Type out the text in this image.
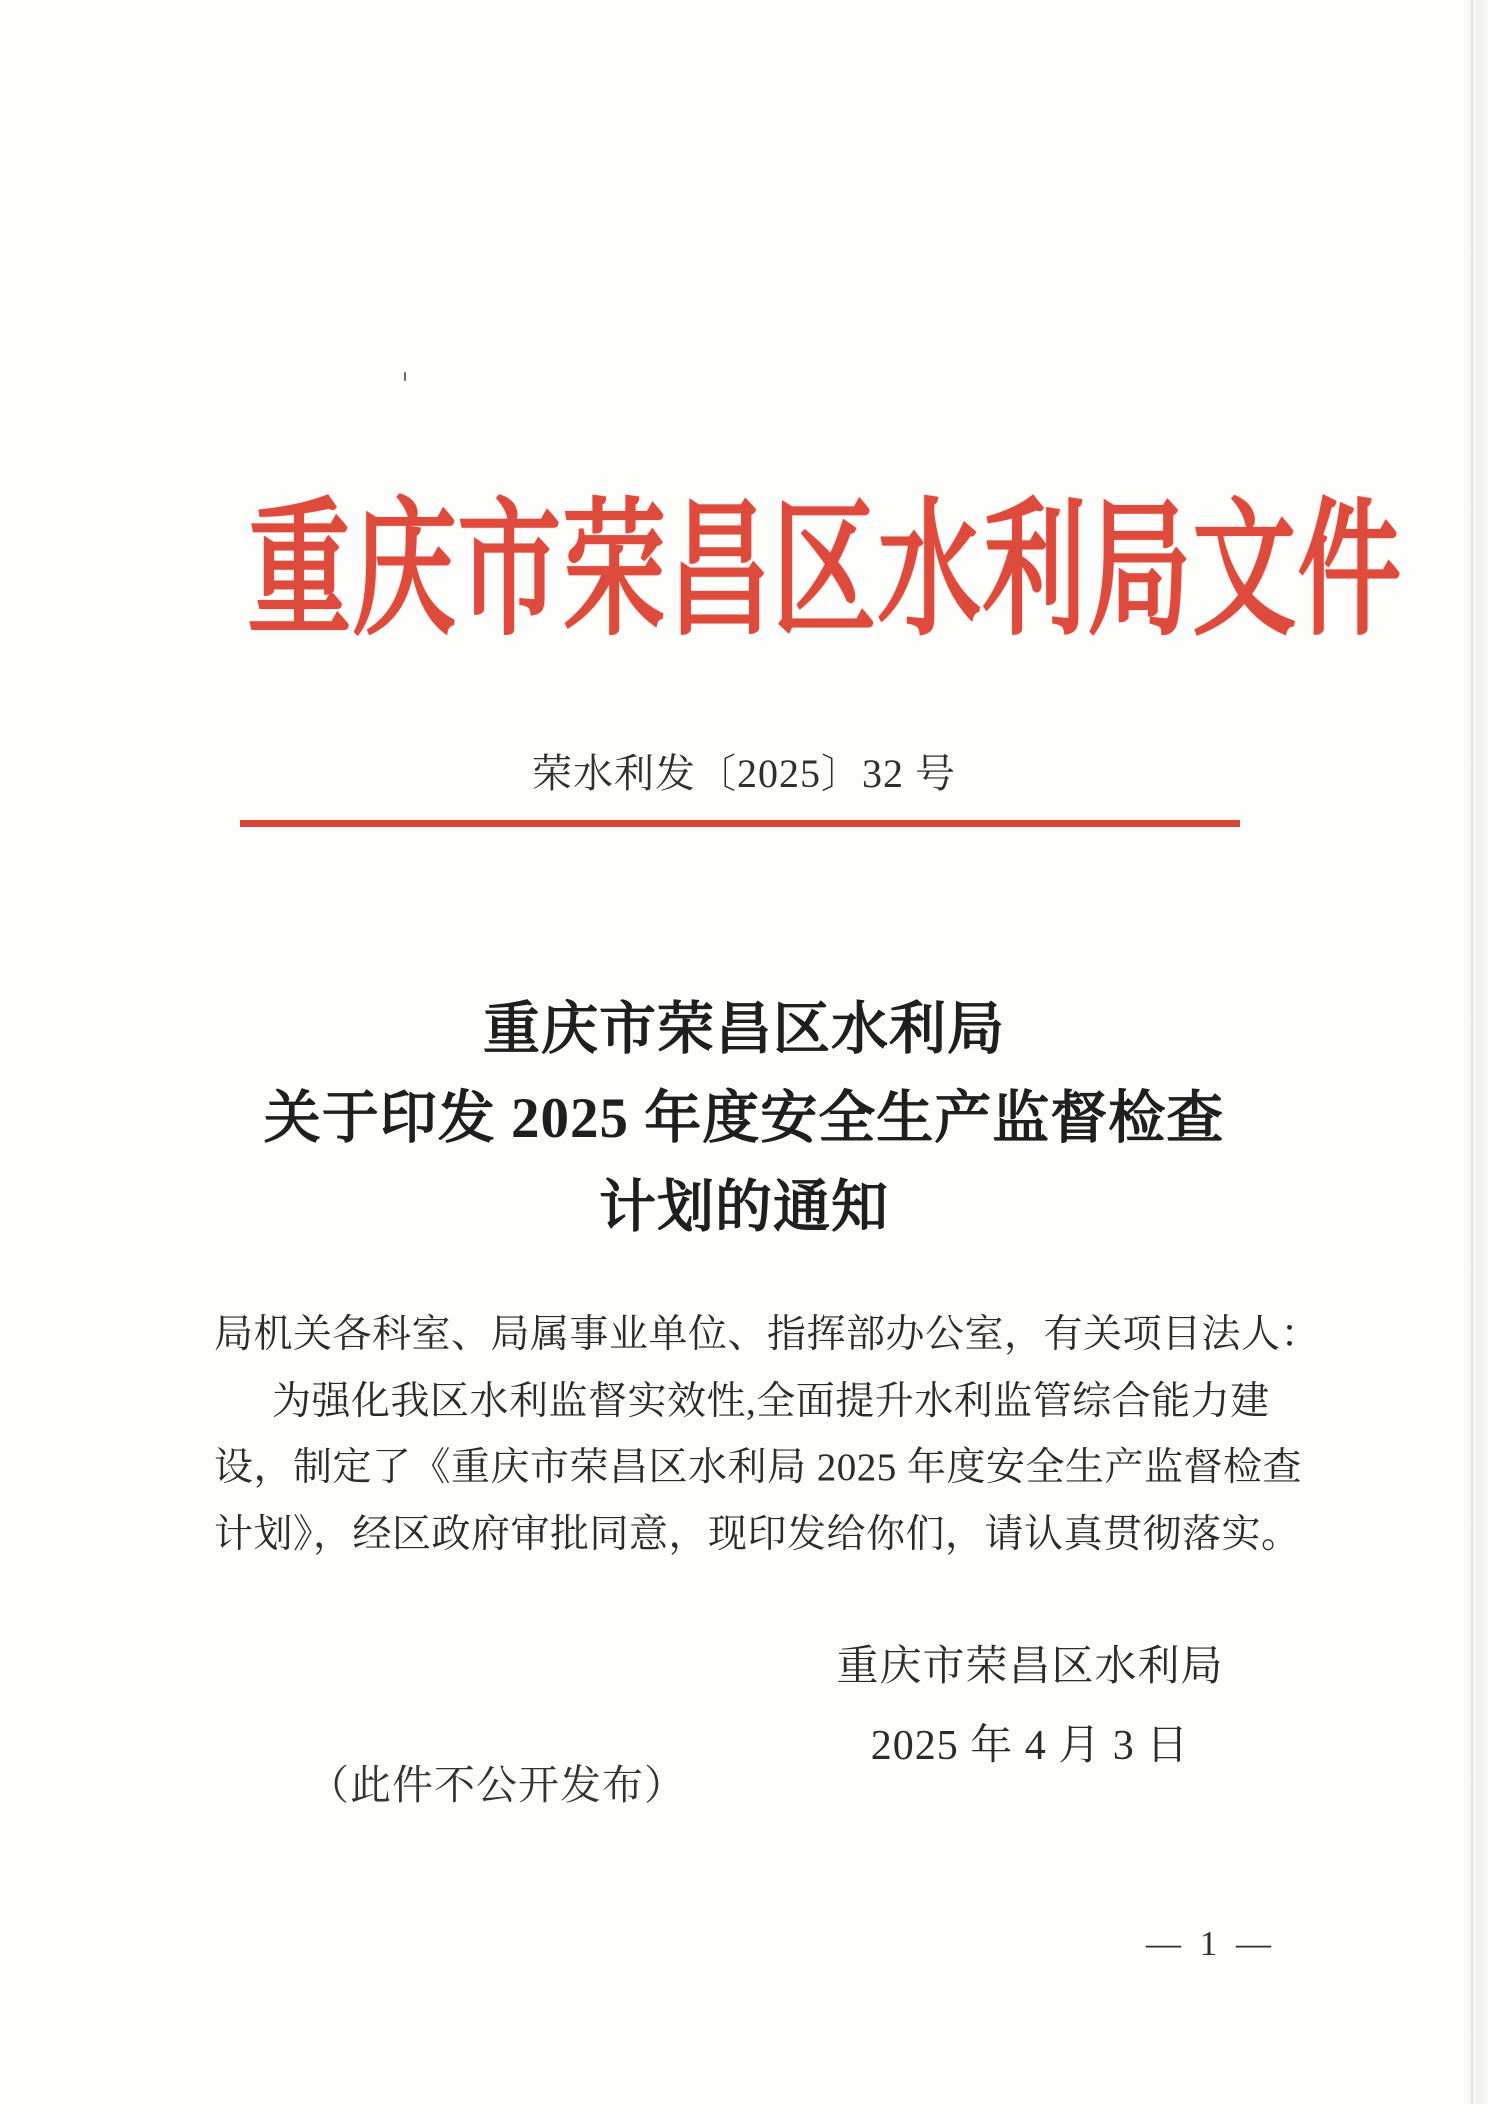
重庆市荣昌区水利局文件
荣水利发〔2025〕32 号
重庆市荣昌区水利局
关于印发 2025 年度安全生产监督检查
计划的通知
局机关各科室、局属事业单位、指挥部办公室，有关项目法人：
为强化我区水利监督实效性,全面提升水利监管综合能力建
设，制定了《重庆市荣昌区水利局 2025 年度安全生产监督检查
计划》，经区政府审批同意，现印发给你们，请认真贯彻落实。
重庆市荣昌区水利局
2025 年 4 月 3 日
（此件不公开发布）
— 1 —
